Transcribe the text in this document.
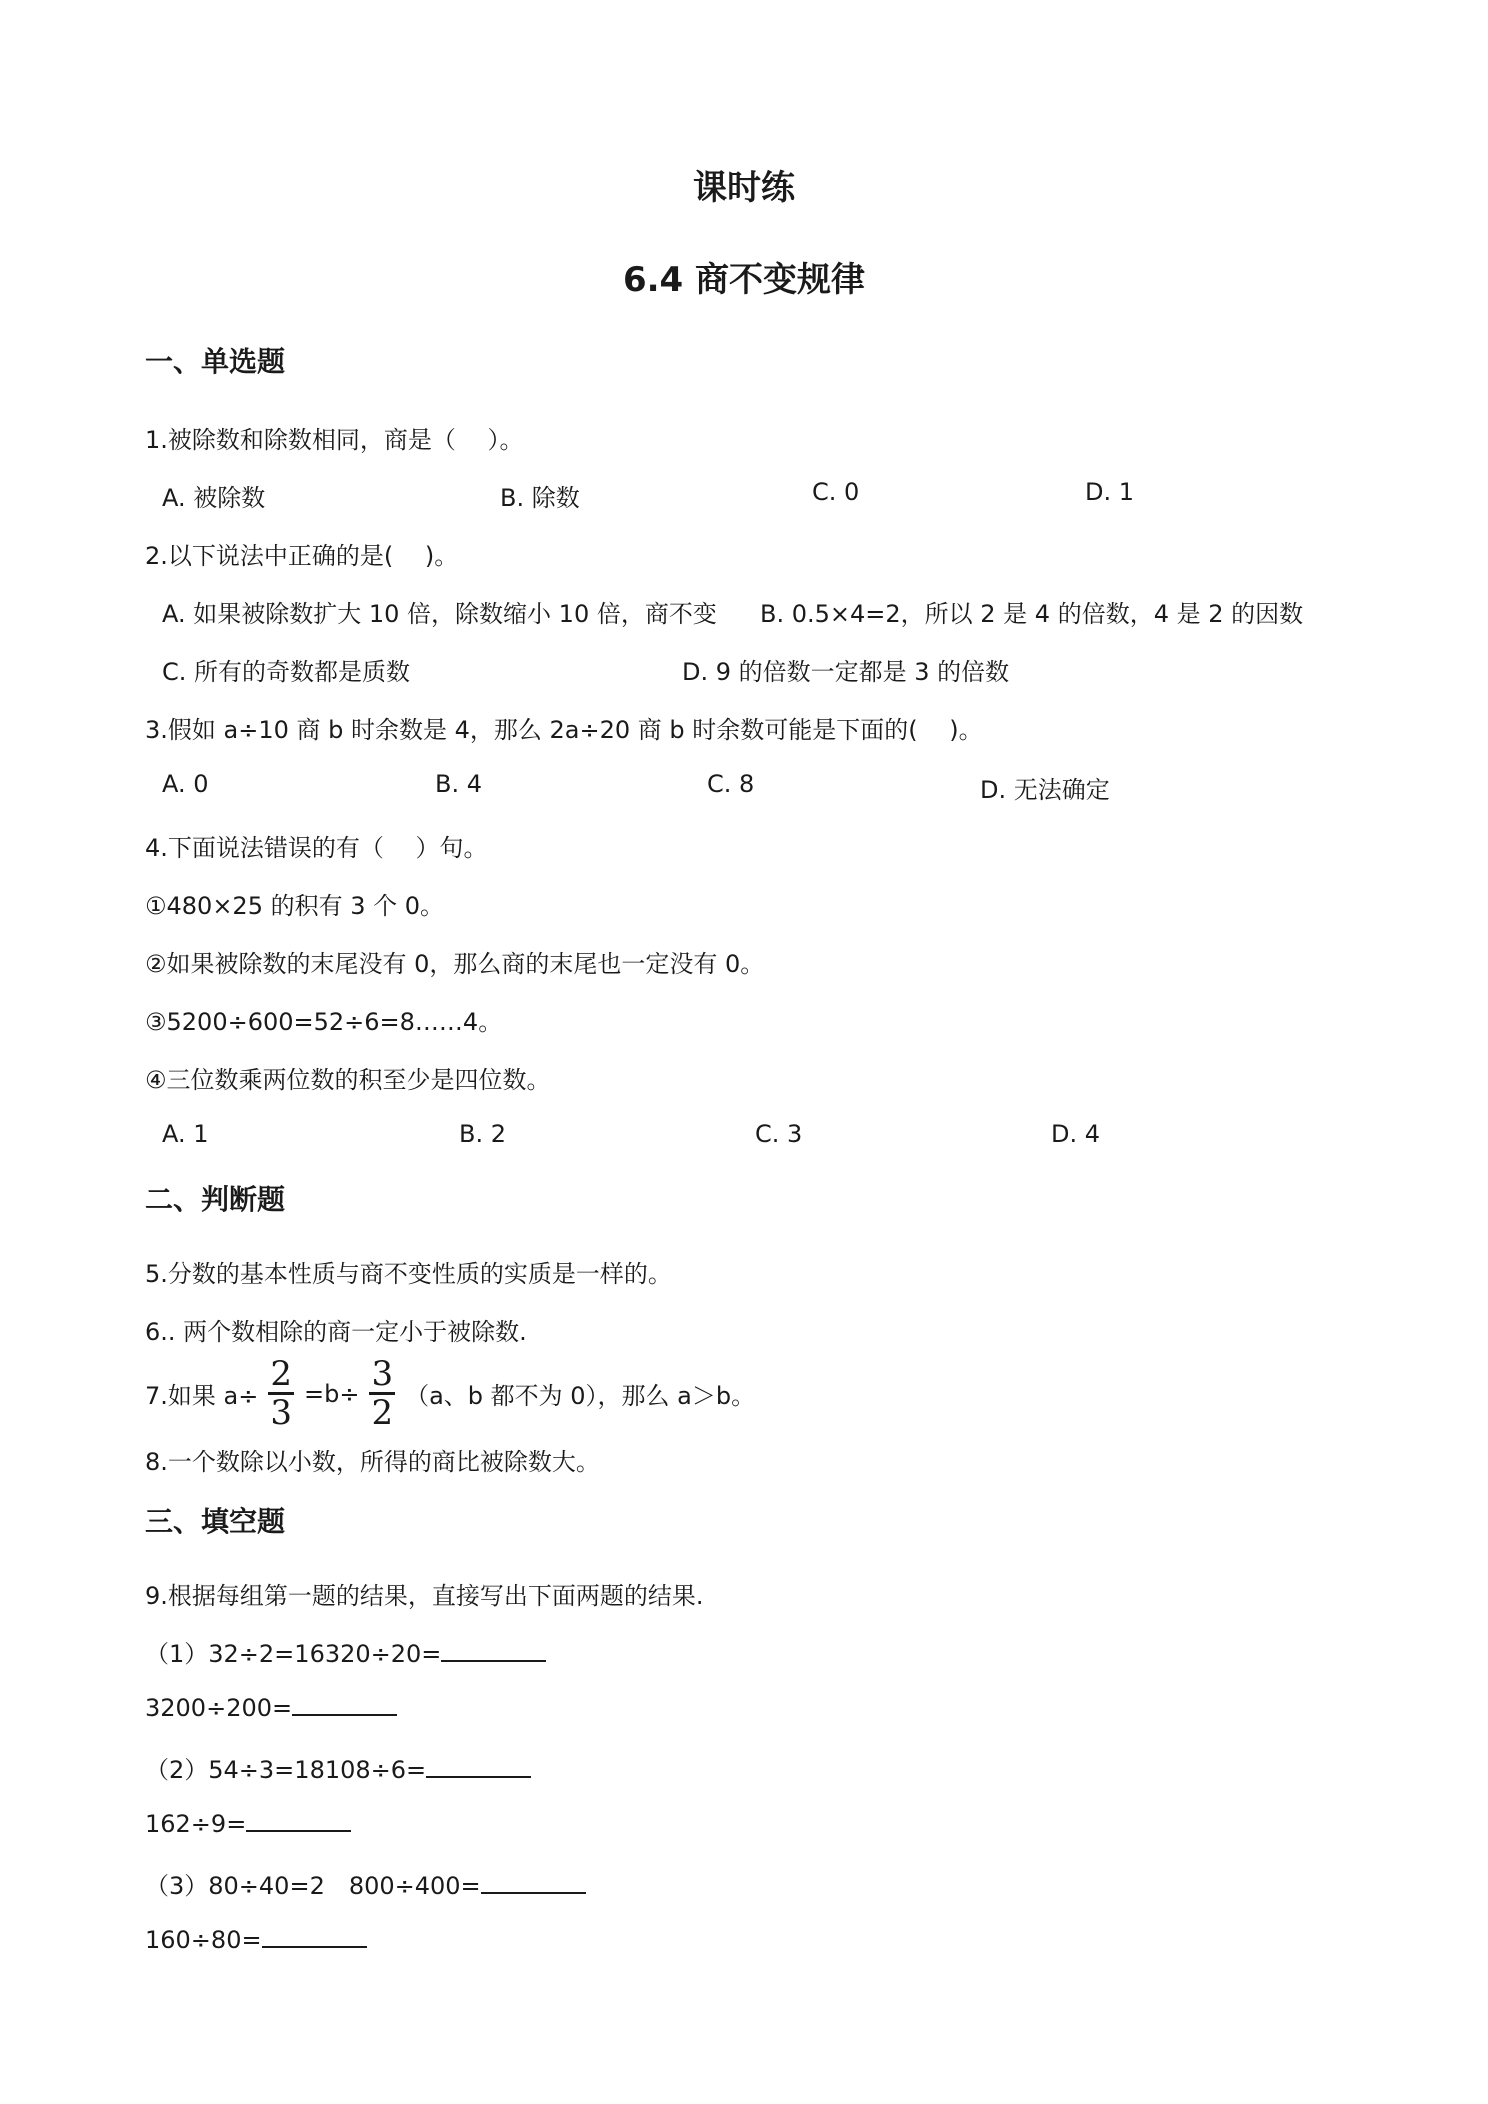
课时练
6.4 商不变规律
一、单选题
1.被除数和除数相同，商是（　 ）。
A. 被除数	B. 除数	C. 0	D. 1
2.以下说法中正确的是(　 )。
A. 如果被除数扩大 10 倍，除数缩小 10 倍，商不变 B. 0.5×4=2，所以 2 是 4 的倍数，4 是 2 的因数
C. 所有的奇数都是质数	D. 9 的倍数一定都是 3 的倍数
3.假如 a÷10 商 b 时余数是 4，那么 2a÷20 商 b 时余数可能是下面的(　 )。
A. 0	B. 4	C. 8	D. 无法确定
4.下面说法错误的有（　 ）句。
①480×25 的积有 3 个 0。
②如果被除数的末尾没有 0，那么商的末尾也一定没有 0。
③5200÷600=52÷6=8……4。
④三位数乘两位数的积至少是四位数。
A. 1	B. 2	C. 3	D. 4
二、判断题
5.分数的基本性质与商不变性质的实质是一样的。
6.. 两个数相除的商一定小于被除数.
7.如果 $a\div \frac{2}{3} =b\div \frac{3}{2} (a$、b 都不为 0），那么 a＞b。
8.一个数除以小数，所得的商比被除数大。
三、填空题
9.根据每组第一题的结果，直接写出下面两题的结果.
（1）32÷2=16320÷20=
3200÷200=
（2）54÷3=18108÷6=
162÷9=
（3）80÷40=2　800÷400=
160÷80=
